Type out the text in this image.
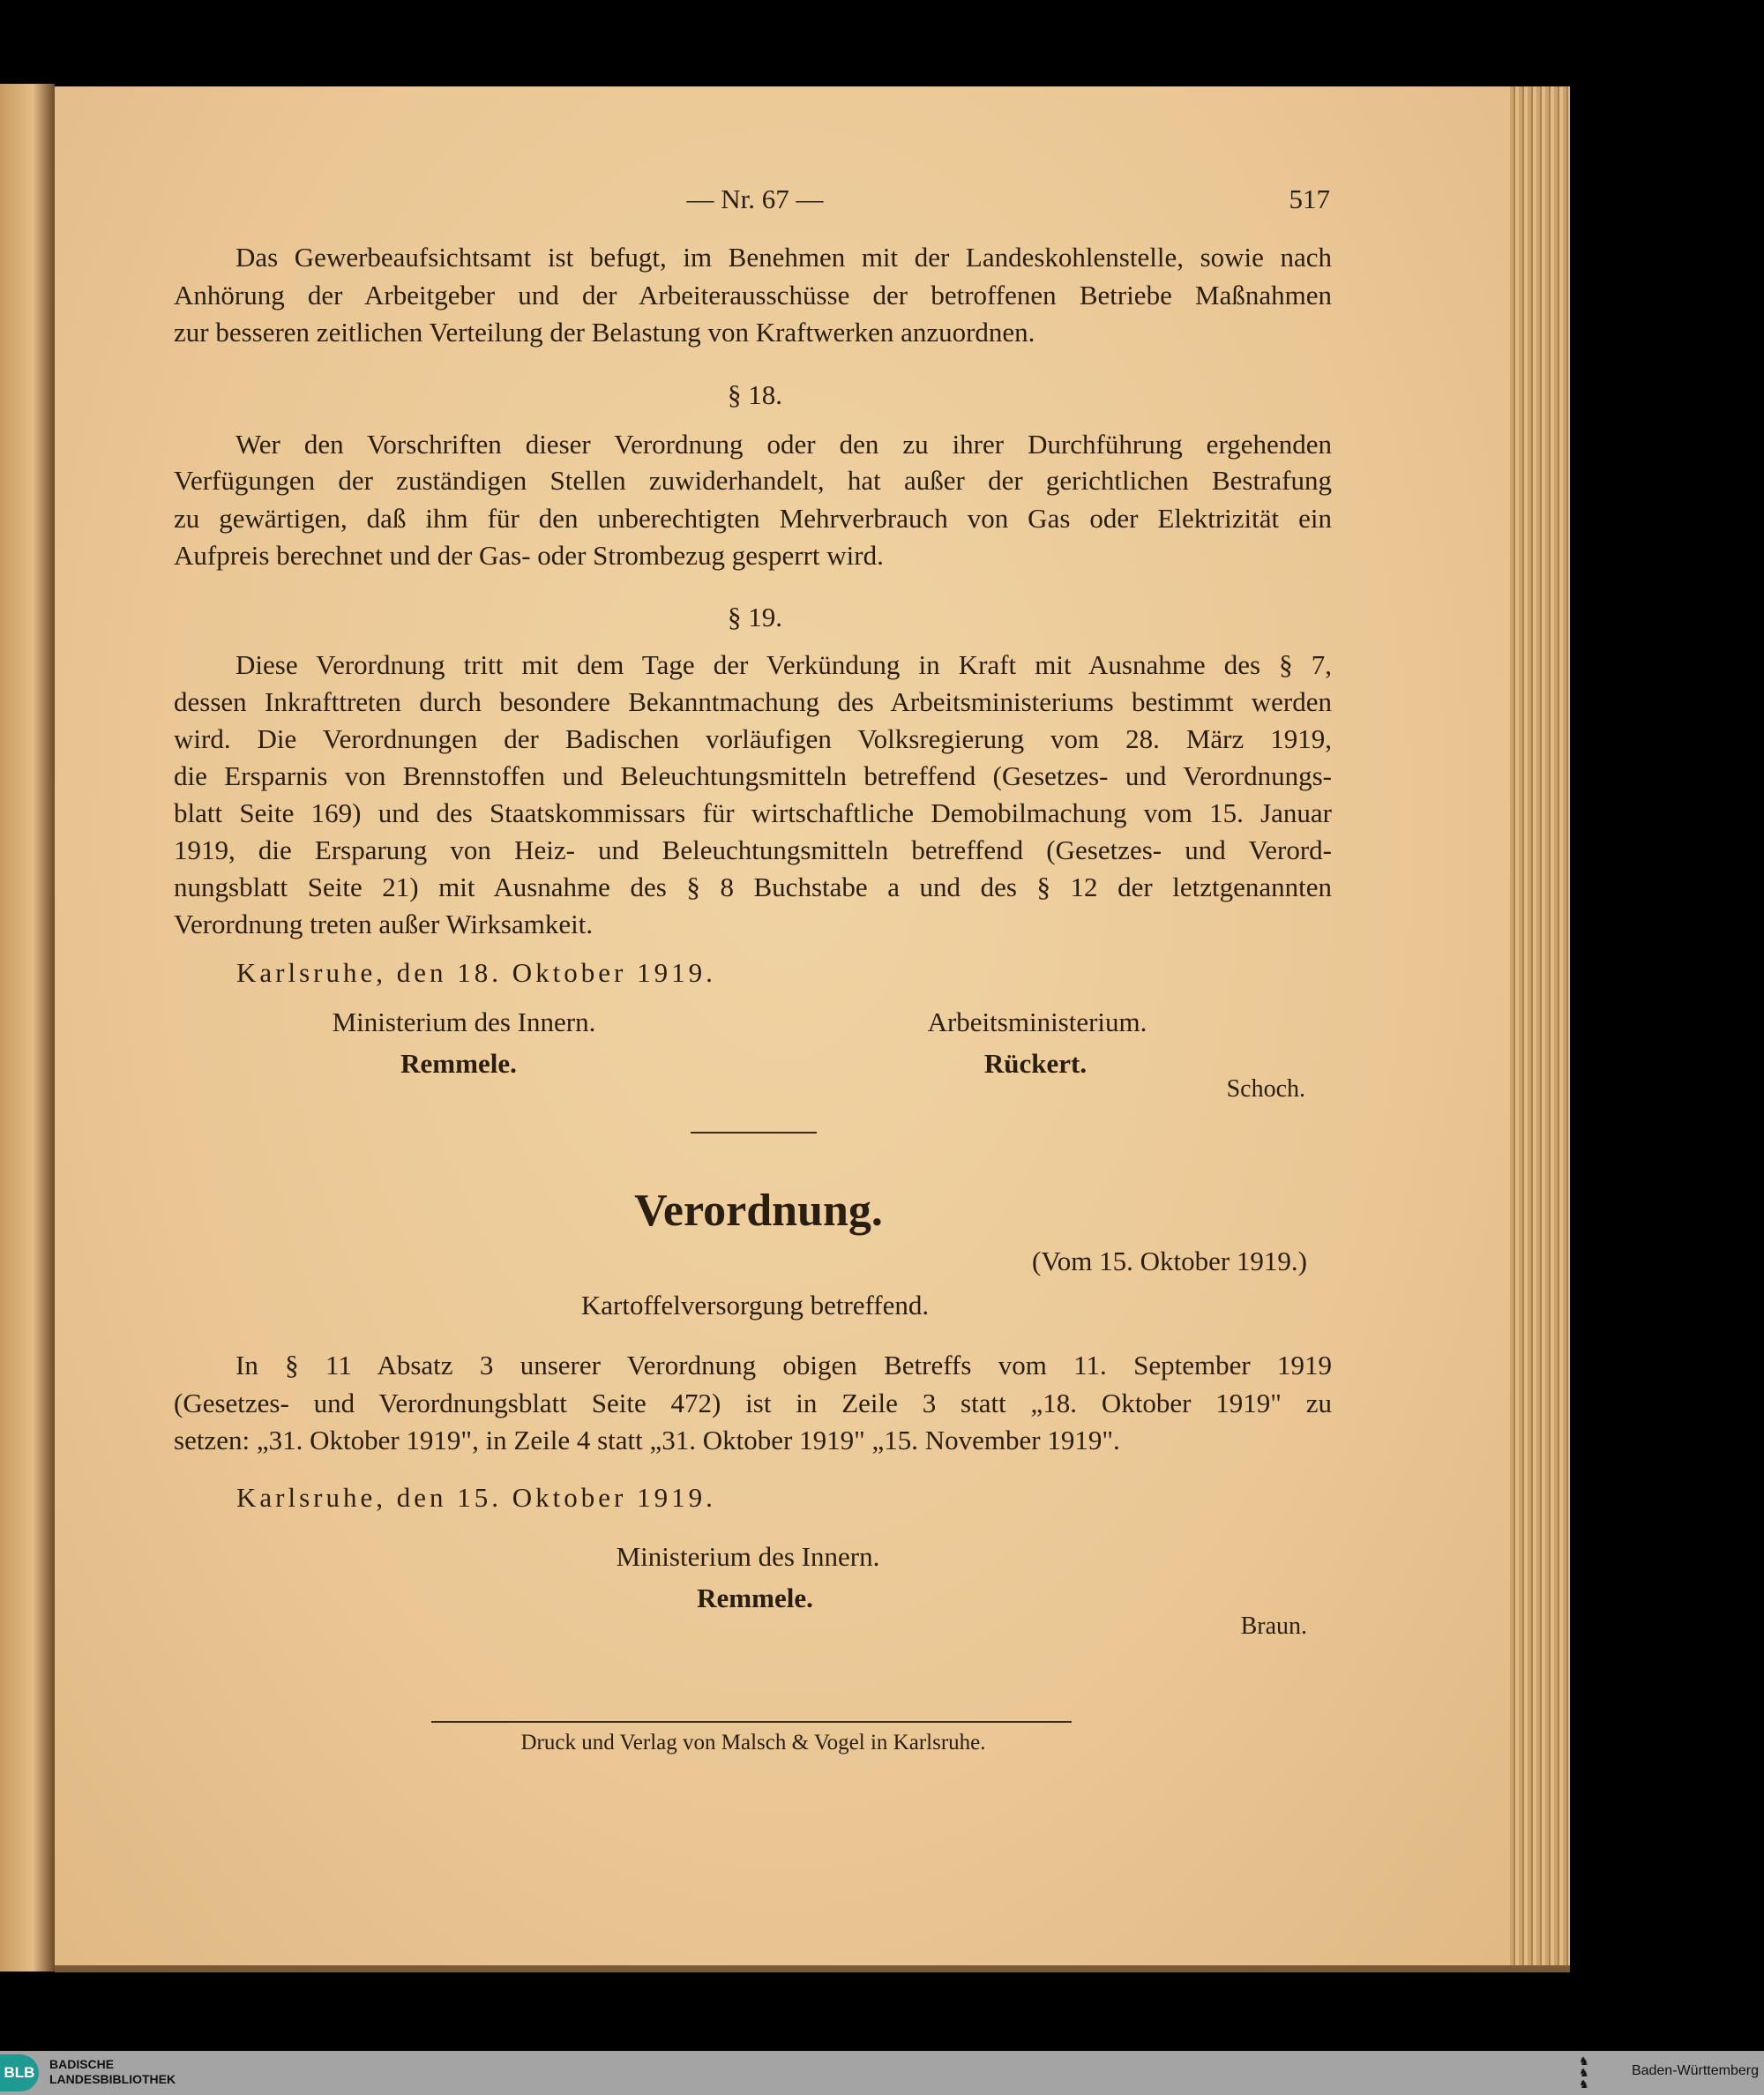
— Nr. 67 —	517
Das Gewerbeaufsichtsamt ist befugt, im Benehmen mit der Landeskohlenstelle, sowie nach
Anhörung der Arbeitgeber und der Arbeiterausschüsse der betroffenen Betriebe Maßnahmen
zur besseren zeitlichen Verteilung der Belastung von Kraftwerken anzuordnen.
§ 18.
Wer den Vorschriften dieser Verordnung oder den zu ihrer Durchführung ergehenden
Verfügungen der zuständigen Stellen zuwiderhandelt, hat außer der gerichtlichen Bestrafung
zu gewärtigen, daß ihm für den unberechtigten Mehrverbrauch von Gas oder Elektrizität ein
Aufpreis berechnet und der Gas- oder Strombezug gesperrt wird.
§ 19.
Diese Verordnung tritt mit dem Tage der Verkündung in Kraft mit Ausnahme des § 7,
dessen Inkrafttreten durch besondere Bekanntmachung des Arbeitsministeriums bestimmt werden
wird. Die Verordnungen der Badischen vorläufigen Volksregierung vom 28. März 1919,
die Ersparnis von Brennstoffen und Beleuchtungsmitteln betreffend (Gesetzes- und Verordnungs-
blatt Seite 169) und des Staatskommissars für wirtschaftliche Demobilmachung vom 15. Januar
1919, die Ersparung von Heiz- und Beleuchtungsmitteln betreffend (Gesetzes- und Verord-
nungsblatt Seite 21) mit Ausnahme des § 8 Buchstabe a und des § 12 der letztgenannten
Verordnung treten außer Wirksamkeit.
Karlsruhe, den 18. Oktober 1919.
Ministerium des Innern.
Remmele.
Arbeitsministerium.
Rückert.
Schoch.
Verordnung.
(Vom 15. Oktober 1919.)
Kartoffelversorgung betreffend.
In § 11 Absatz 3 unserer Verordnung obigen Betreffs vom 11. September 1919
(Gesetzes- und Verordnungsblatt Seite 472) ist in Zeile 3 statt „18. Oktober 1919" zu
setzen: „31. Oktober 1919", in Zeile 4 statt „31. Oktober 1919" „15. November 1919".
Karlsruhe, den 15. Oktober 1919.
Ministerium des Innern.
Remmele.
Braun.
Druck und Verlag von Malsch & Vogel in Karlsruhe.
BLB	BADISCHE
LANDESBIBLIOTHEK
♞
♞
♞
Baden-Württemberg
